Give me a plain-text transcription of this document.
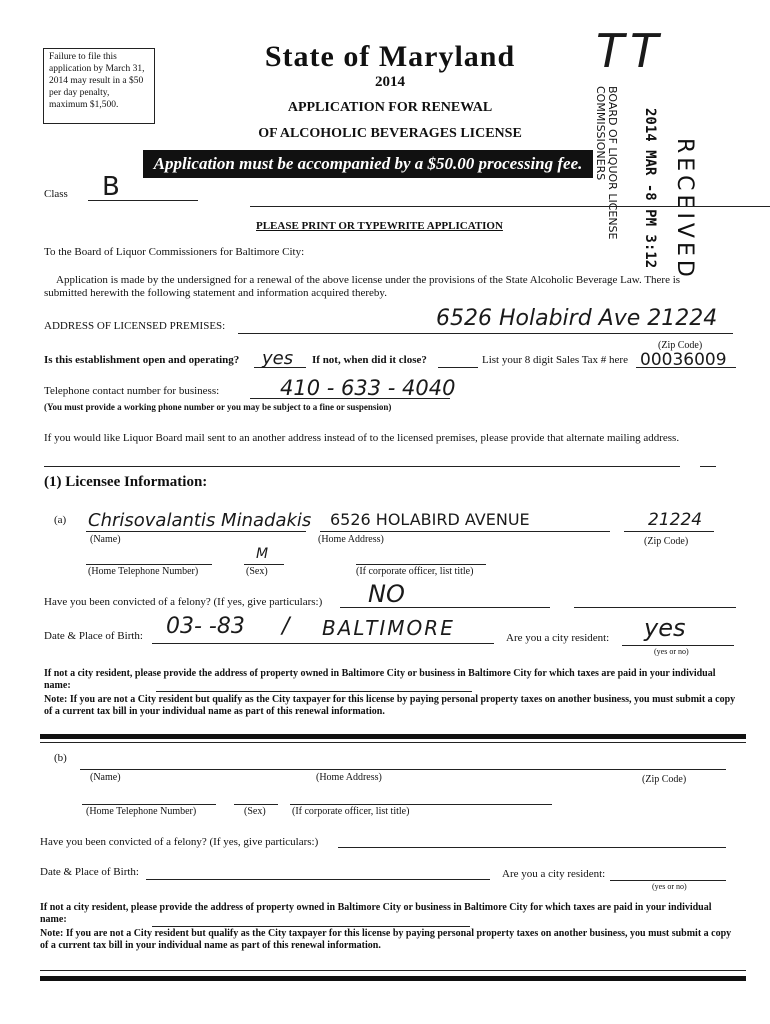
Failure to file this application by March 31, 2014 may result in a $50 per day penalty, maximum $1,500.
State of Maryland
2014
APPLICATION FOR RENEWAL
OF ALCOHOLIC BEVERAGES LICENSE
Application must be accompanied by a $50.00 processing fee.
TT
BOARD OF LIQUOR LICENSE COMMISSIONERS	2014 MAR -8 PM 3:12 RECEIVED
Class B
PLEASE PRINT OR TYPEWRITE APPLICATION
To the Board of Liquor Commissioners for Baltimore City:
Application is made by the undersigned for a renewal of the above license under the provisions of the State Alcoholic Beverage Law. There is submitted herewith the following statement and information acquired thereby.
ADDRESS OF LICENSED PREMISES:	6526 Holabird Ave 21224
(Zip Code)
Is this establishment open and operating? yes If not, when did it close?	List your 8 digit Sales Tax # here 00036009
Telephone contact number for business:	410 - 633 - 4040
(You must provide a working phone number or you may be subject to a fine or suspension)
If you would like Liquor Board mail sent to an another address instead of to the licensed premises, please provide that alternate mailing address.
(1) Licensee Information:
(a) Chrisovalantis Minadakis 6526 HOLABIRD AVENUE	21224
(Name)	(Home Address)	(Zip Code)
M
(Home Telephone Number)	(Sex)	(If corporate officer, list title)
Have you been convicted of a felony? (If yes, give particulars:) NO
Date & Place of Birth: 03- -83 / BALTIMORE	Are you a city resident: yes
(yes or no)
If not a city resident, please provide the address of property owned in Baltimore City or business in Baltimore City for which taxes are paid in your individual name:
Note: If you are not a City resident but qualify as the City taxpayer for this license by paying personal property taxes on another business, you must submit a copy of a current tax bill in your individual name as part of this renewal information.
(b)
(Name)	(Home Address)	(Zip Code)
(Home Telephone Number)	(Sex)	(If corporate officer, list title)
Have you been convicted of a felony? (If yes, give particulars:)
Date & Place of Birth:	Are you a city resident:
(yes or no)
If not a city resident, please provide the address of property owned in Baltimore City or business in Baltimore City for which taxes are paid in your individual name:
Note: If you are not a City resident but qualify as the City taxpayer for this license by paying personal property taxes on another business, you must submit a copy of a current tax bill in your individual name as part of this renewal information.
